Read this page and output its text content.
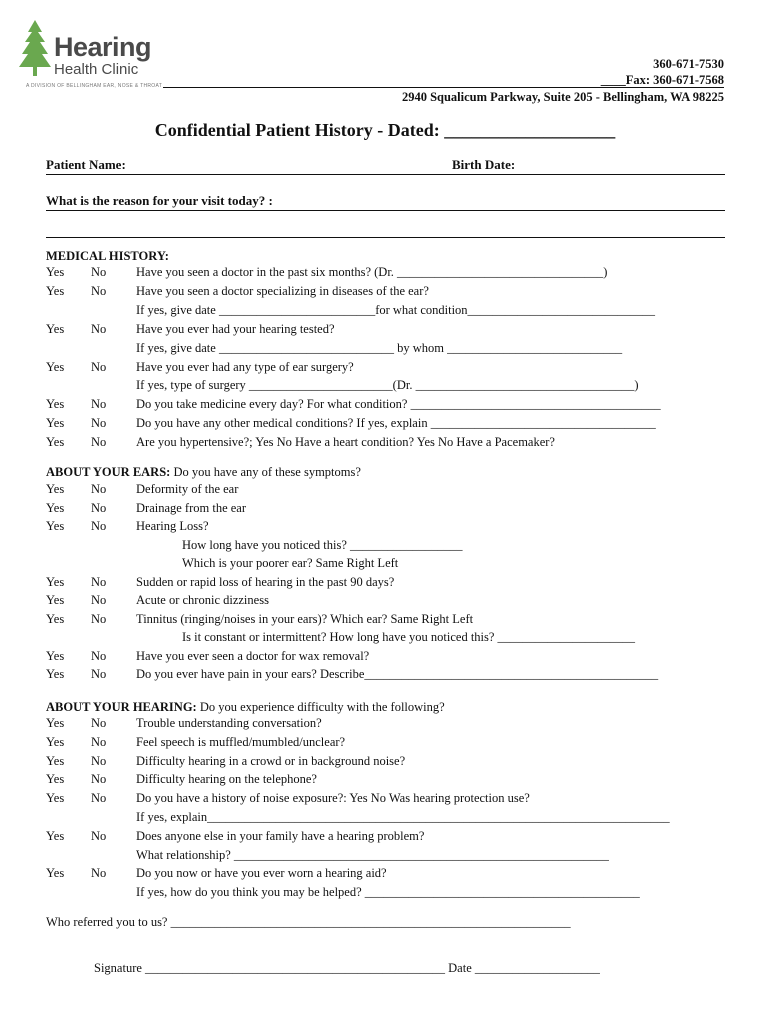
Hearing
Health Clinic
A DIVISION OF BELLINGHAM EAR, NOSE & THROAT
360-671-7530
____Fax: 360-671-7568
2940 Squalicum Parkway, Suite 205 - Bellingham, WA 98225
Confidential Patient History - Dated: ___________________
Patient Name:	Birth Date:
What is the reason for your visit today? :
MEDICAL HISTORY:
Yes No Have you seen a doctor in the past six months? (Dr. _________________________________)
Yes No Have you seen a doctor specializing in diseases of the ear?
If yes, give date _________________________for what condition______________________________
Yes No Have you ever had your hearing tested?
If yes, give date ____________________________ by whom ____________________________
Yes No Have you ever had any type of ear surgery?
If yes, type of surgery _______________________(Dr. ___________________________________)
Yes No Do you take medicine every day? For what condition? ________________________________________
Yes No Do you have any other medical conditions? If yes, explain ____________________________________
Yes No Are you hypertensive?; Yes No Have a heart condition? Yes No Have a Pacemaker?
ABOUT YOUR EARS: Do you have any of these symptoms?
Yes No Deformity of the ear
Yes No Drainage from the ear
Yes No Hearing Loss?
How long have you noticed this? __________________
Which is your poorer ear? Same Right Left
Yes No Sudden or rapid loss of hearing in the past 90 days?
Yes No Acute or chronic dizziness
Yes No Tinnitus (ringing/noises in your ears)? Which ear? Same Right Left
Is it constant or intermittent? How long have you noticed this? ______________________
Yes No Have you ever seen a doctor for wax removal?
Yes No Do you ever have pain in your ears? Describe_______________________________________________
ABOUT YOUR HEARING: Do you experience difficulty with the following?
Yes No Trouble understanding conversation?
Yes No Feel speech is muffled/mumbled/unclear?
Yes No Difficulty hearing in a crowd or in background noise?
Yes No Difficulty hearing on the telephone?
Yes No Do you have a history of noise exposure?: Yes No Was hearing protection use?
If yes, explain__________________________________________________________________________
Yes No Does anyone else in your family have a hearing problem?
What relationship? ____________________________________________________________
Yes No Do you now or have you ever worn a hearing aid?
If yes, how do you think you may be helped? ____________________________________________
Who referred you to us? ________________________________________________________________
Signature ________________________________________________ Date ____________________
